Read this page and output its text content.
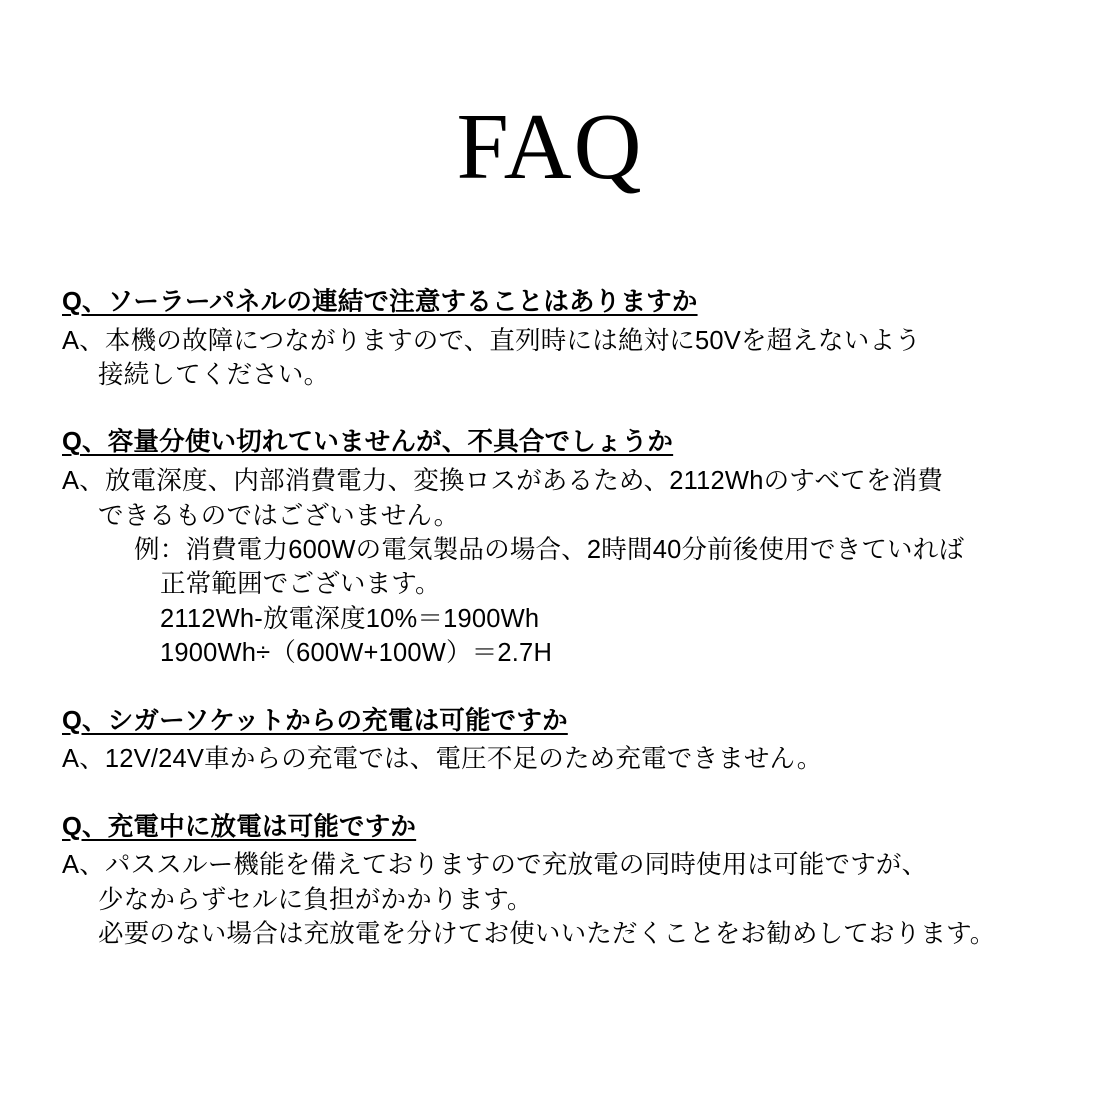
FAQ
Q、ソーラーパネルの連結で注意することはありますか
A、本機の故障につながりますので、直列時には絶対に50Vを超えないよう
接続してください。
Q、容量分使い切れていませんが、不具合でしょうか
A、放電深度、内部消費電力、変換ロスがあるため、2112Whのすべてを消費
できるものではございません。
例：消費電力600Wの電気製品の場合、2時間40分前後使用できていれば
正常範囲でございます。
2112Wh-放電深度10%＝1900Wh
1900Wh÷（600W+100W）＝2.7H
Q、シガーソケットからの充電は可能ですか
A、12V/24V車からの充電では、電圧不足のため充電できません。
Q、充電中に放電は可能ですか
A、パススルー機能を備えておりますので充放電の同時使用は可能ですが、
少なからずセルに負担がかかります。
必要のない場合は充放電を分けてお使いいただくことをお勧めしております。
